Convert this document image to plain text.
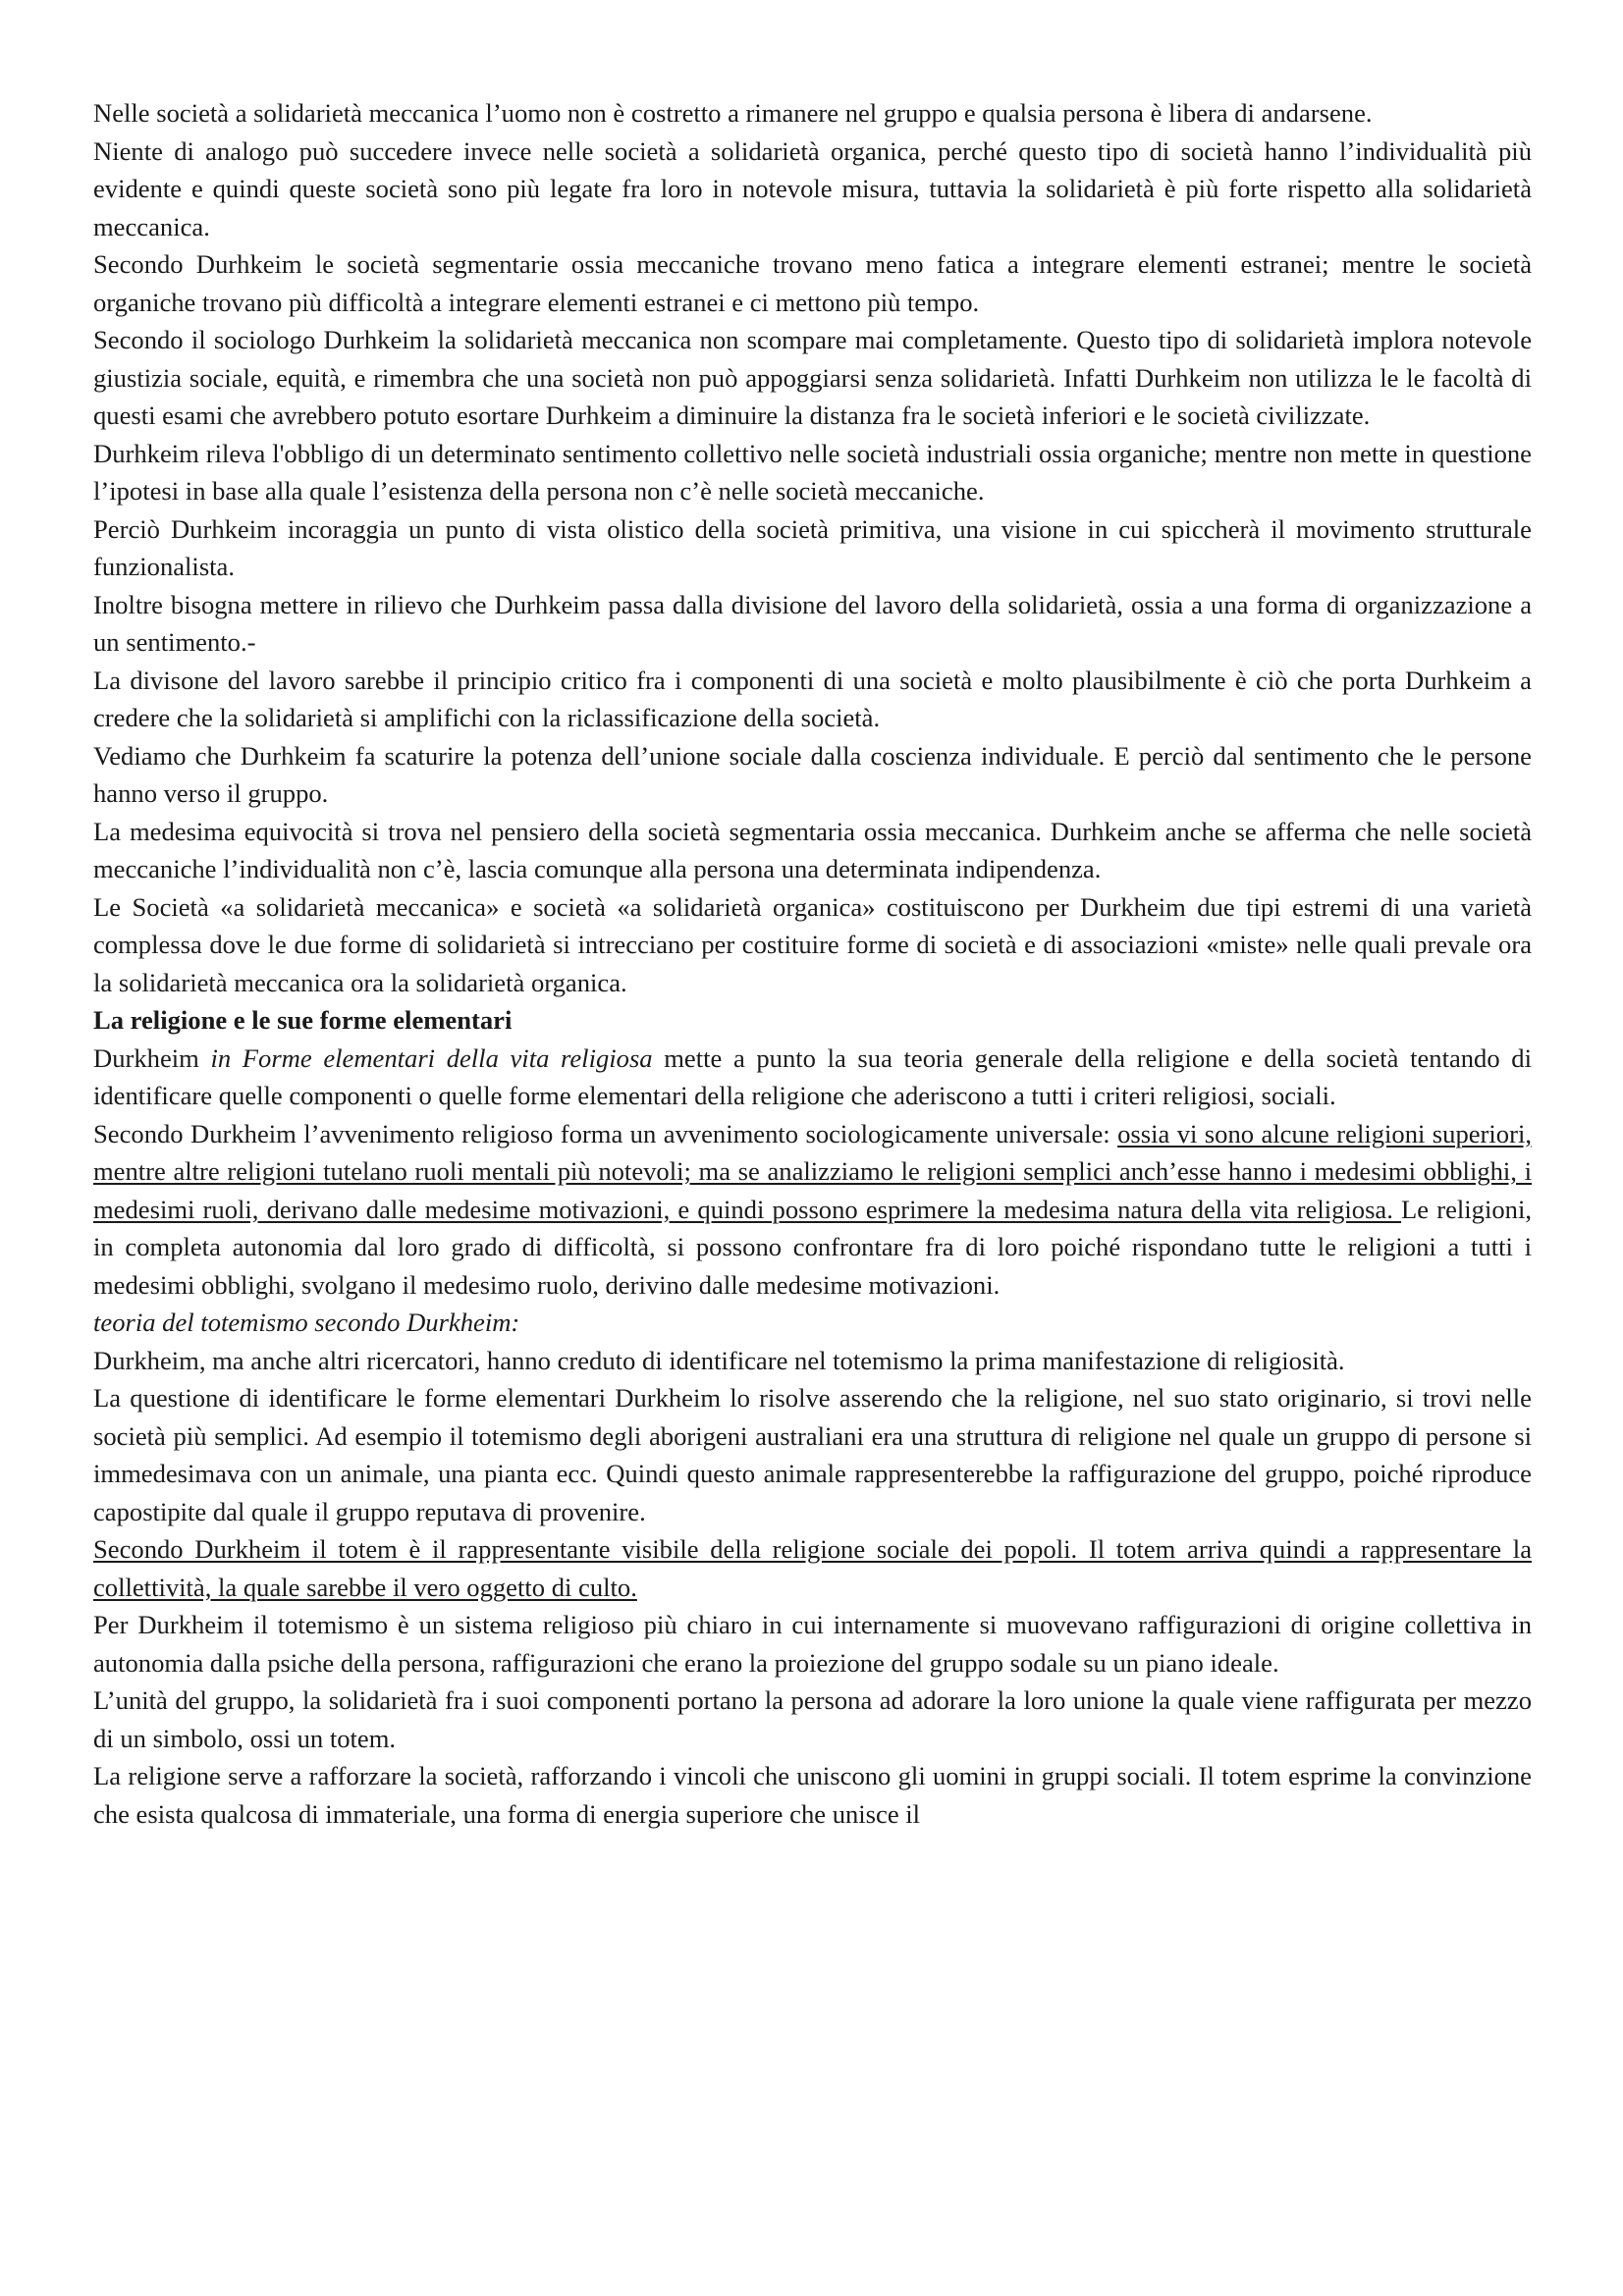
Nelle società a solidarietà meccanica l’uomo non è costretto a rimanere nel gruppo e qualsia persona è libera di andarsene.

Niente di analogo può succedere invece nelle società a solidarietà organica, perché questo tipo di società hanno l’individualità più evidente e quindi queste società sono più legate fra loro in notevole misura, tuttavia la solidarietà è più forte rispetto alla solidarietà meccanica.

Secondo Durhkeim le società segmentarie ossia meccaniche trovano meno fatica a integrare elementi estranei; mentre le società organiche trovano più difficoltà a integrare elementi estranei e ci mettono più tempo.

Secondo il sociologo Durhkeim la solidarietà meccanica non scompare mai completamente. Questo tipo di solidarietà implora notevole giustizia sociale, equità, e rimembra che una società non può appoggiarsi senza solidarietà. Infatti Durhkeim non utilizza le le facoltà di questi esami che avrebbero potuto esortare Durhkeim a diminuire la distanza fra le società inferiori e le società civilizzate.

Durhkeim rileva l'obbligo di un determinato sentimento collettivo nelle società industriali ossia organiche; mentre non mette in questione l’ipotesi in base alla quale l’esistenza della persona non c’è nelle società meccaniche.

Perciò Durhkeim incoraggia un punto di vista olistico della società primitiva, una visione in cui spiccherà il movimento strutturale funzionalista.

Inoltre bisogna mettere in rilievo che Durhkeim passa dalla divisione del lavoro della solidarietà, ossia a una forma di organizzazione a un sentimento.-

La divisone del lavoro sarebbe il principio critico fra i componenti di una società e molto plausibilmente è ciò che porta Durhkeim a credere che la solidarietà si amplifichi con la riclassificazione della società.

Vediamo che Durhkeim fa scaturire la potenza dell’unione sociale dalla coscienza individuale. E perciò dal sentimento che le persone hanno verso il gruppo.

La medesima equivocità si trova nel pensiero della società segmentaria ossia meccanica. Durhkeim anche se afferma che nelle società meccaniche l’individualità non c’è, lascia comunque alla persona una determinata indipendenza.

Le Società «a solidarietà meccanica» e società «a solidarietà organica» costituiscono per Durkheim due tipi estremi di una varietà complessa dove le due forme di solidarietà si intrecciano per costituire forme di società e di associazioni «miste» nelle quali prevale ora la solidarietà meccanica ora la solidarietà organica.

La religione e le sue forme elementari

Durkheim in Forme elementari della vita religiosa mette a punto la sua teoria generale della religione e della società tentando di identificare quelle componenti o quelle forme elementari della religione che aderiscono a tutti i criteri religiosi, sociali.

Secondo Durkheim l’avvenimento religioso forma un avvenimento sociologicamente universale: ossia vi sono alcune religioni superiori, mentre altre religioni tutelano ruoli mentali più notevoli; ma se analizziamo le religioni semplici anch’esse hanno i medesimi obblighi, i medesimi ruoli, derivano dalle medesime motivazioni, e quindi possono esprimere la medesima natura della vita religiosa. Le religioni, in completa autonomia dal loro grado di difficoltà, si possono confrontare fra di loro poiché rispondano tutte le religioni a tutti i medesimi obblighi, svolgano il medesimo ruolo, derivino dalle medesime motivazioni.

teoria del totemismo secondo Durkheim:

Durkheim, ma anche altri ricercatori, hanno creduto di identificare nel totemismo la prima manifestazione di religiosità.

La questione di identificare le forme elementari Durkheim lo risolve asserendo che la religione, nel suo stato originario, si trovi nelle società più semplici. Ad esempio il totemismo degli aborigeni australiani era una struttura di religione nel quale un gruppo di persone si immedesimava con un animale, una pianta ecc. Quindi questo animale rappresenterebbe la raffigurazione del gruppo, poiché riproduce capostipite dal quale il gruppo reputava di provenire.

Secondo Durkheim il totem è il rappresentante visibile della religione sociale dei popoli. Il totem arriva quindi a rappresentare la collettività, la quale sarebbe il vero oggetto di culto.

Per Durkheim il totemismo è un sistema religioso più chiaro in cui internamente si muovevano raffigurazioni di origine collettiva in autonomia dalla psiche della persona, raffigurazioni che erano la proiezione del gruppo sodale su un piano ideale.

L’unità del gruppo, la solidarietà fra i suoi componenti portano la persona ad adorare la loro unione la quale viene raffigurata per mezzo di un simbolo, ossi un totem.

La religione serve a rafforzare la società, rafforzando i vincoli che uniscono gli uomini in gruppi sociali. Il totem esprime la convinzione che esista qualcosa di immateriale, una forma di energia superiore che unisce il
